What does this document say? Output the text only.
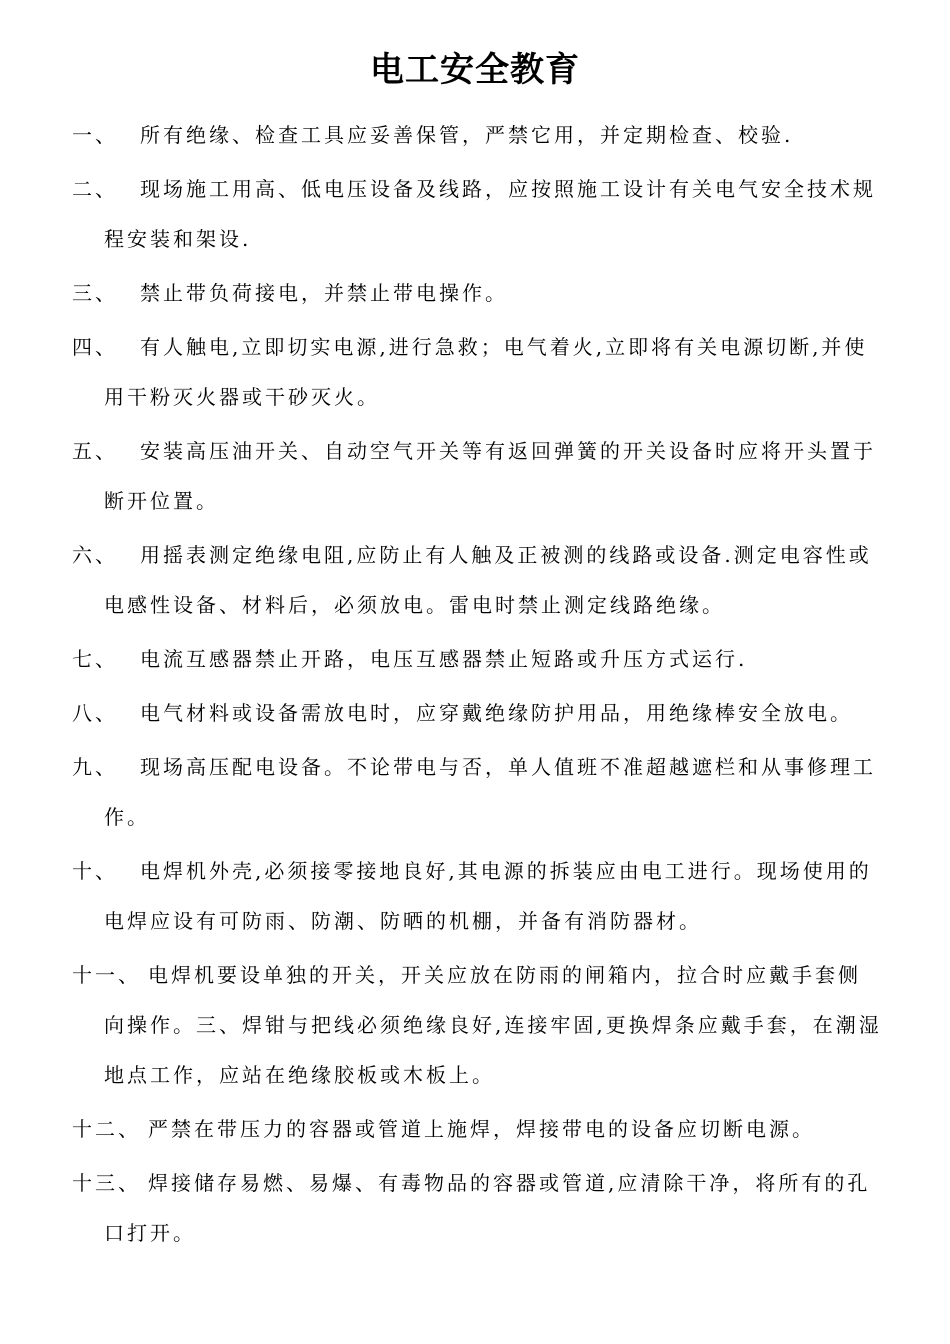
电工安全教育
一、	所有绝缘、检查工具应妥善保管，严禁它用，并定期检查、校验.
二、	现场施工用高、低电压设备及线路，应按照施工设计有关电气安全技术规程安装和架设.
三、	禁止带负荷接电，并禁止带电操作。
四、	有人触电,立即切实电源,进行急救；电气着火,立即将有关电源切断,并使用干粉灭火器或干砂灭火。
五、	安装高压油开关、自动空气开关等有返回弹簧的开关设备时应将开头置于断开位置。
六、	用摇表测定绝缘电阻,应防止有人触及正被测的线路或设备.测定电容性或电感性设备、材料后，必须放电。雷电时禁止测定线路绝缘。
七、	电流互感器禁止开路，电压互感器禁止短路或升压方式运行.
八、	电气材料或设备需放电时，应穿戴绝缘防护用品，用绝缘棒安全放电。
九、	现场高压配电设备。不论带电与否，单人值班不准超越遮栏和从事修理工作。
十、	电焊机外壳,必须接零接地良好,其电源的拆装应由电工进行。现场使用的电焊应设有可防雨、防潮、防晒的机棚，并备有消防器材。
十一、 电焊机要设单独的开关，开关应放在防雨的闸箱内，拉合时应戴手套侧向操作。三、焊钳与把线必须绝缘良好,连接牢固,更换焊条应戴手套，在潮湿地点工作，应站在绝缘胶板或木板上。
十二、 严禁在带压力的容器或管道上施焊，焊接带电的设备应切断电源。
十三、 焊接储存易燃、易爆、有毒物品的容器或管道,应清除干净，将所有的孔口打开。
